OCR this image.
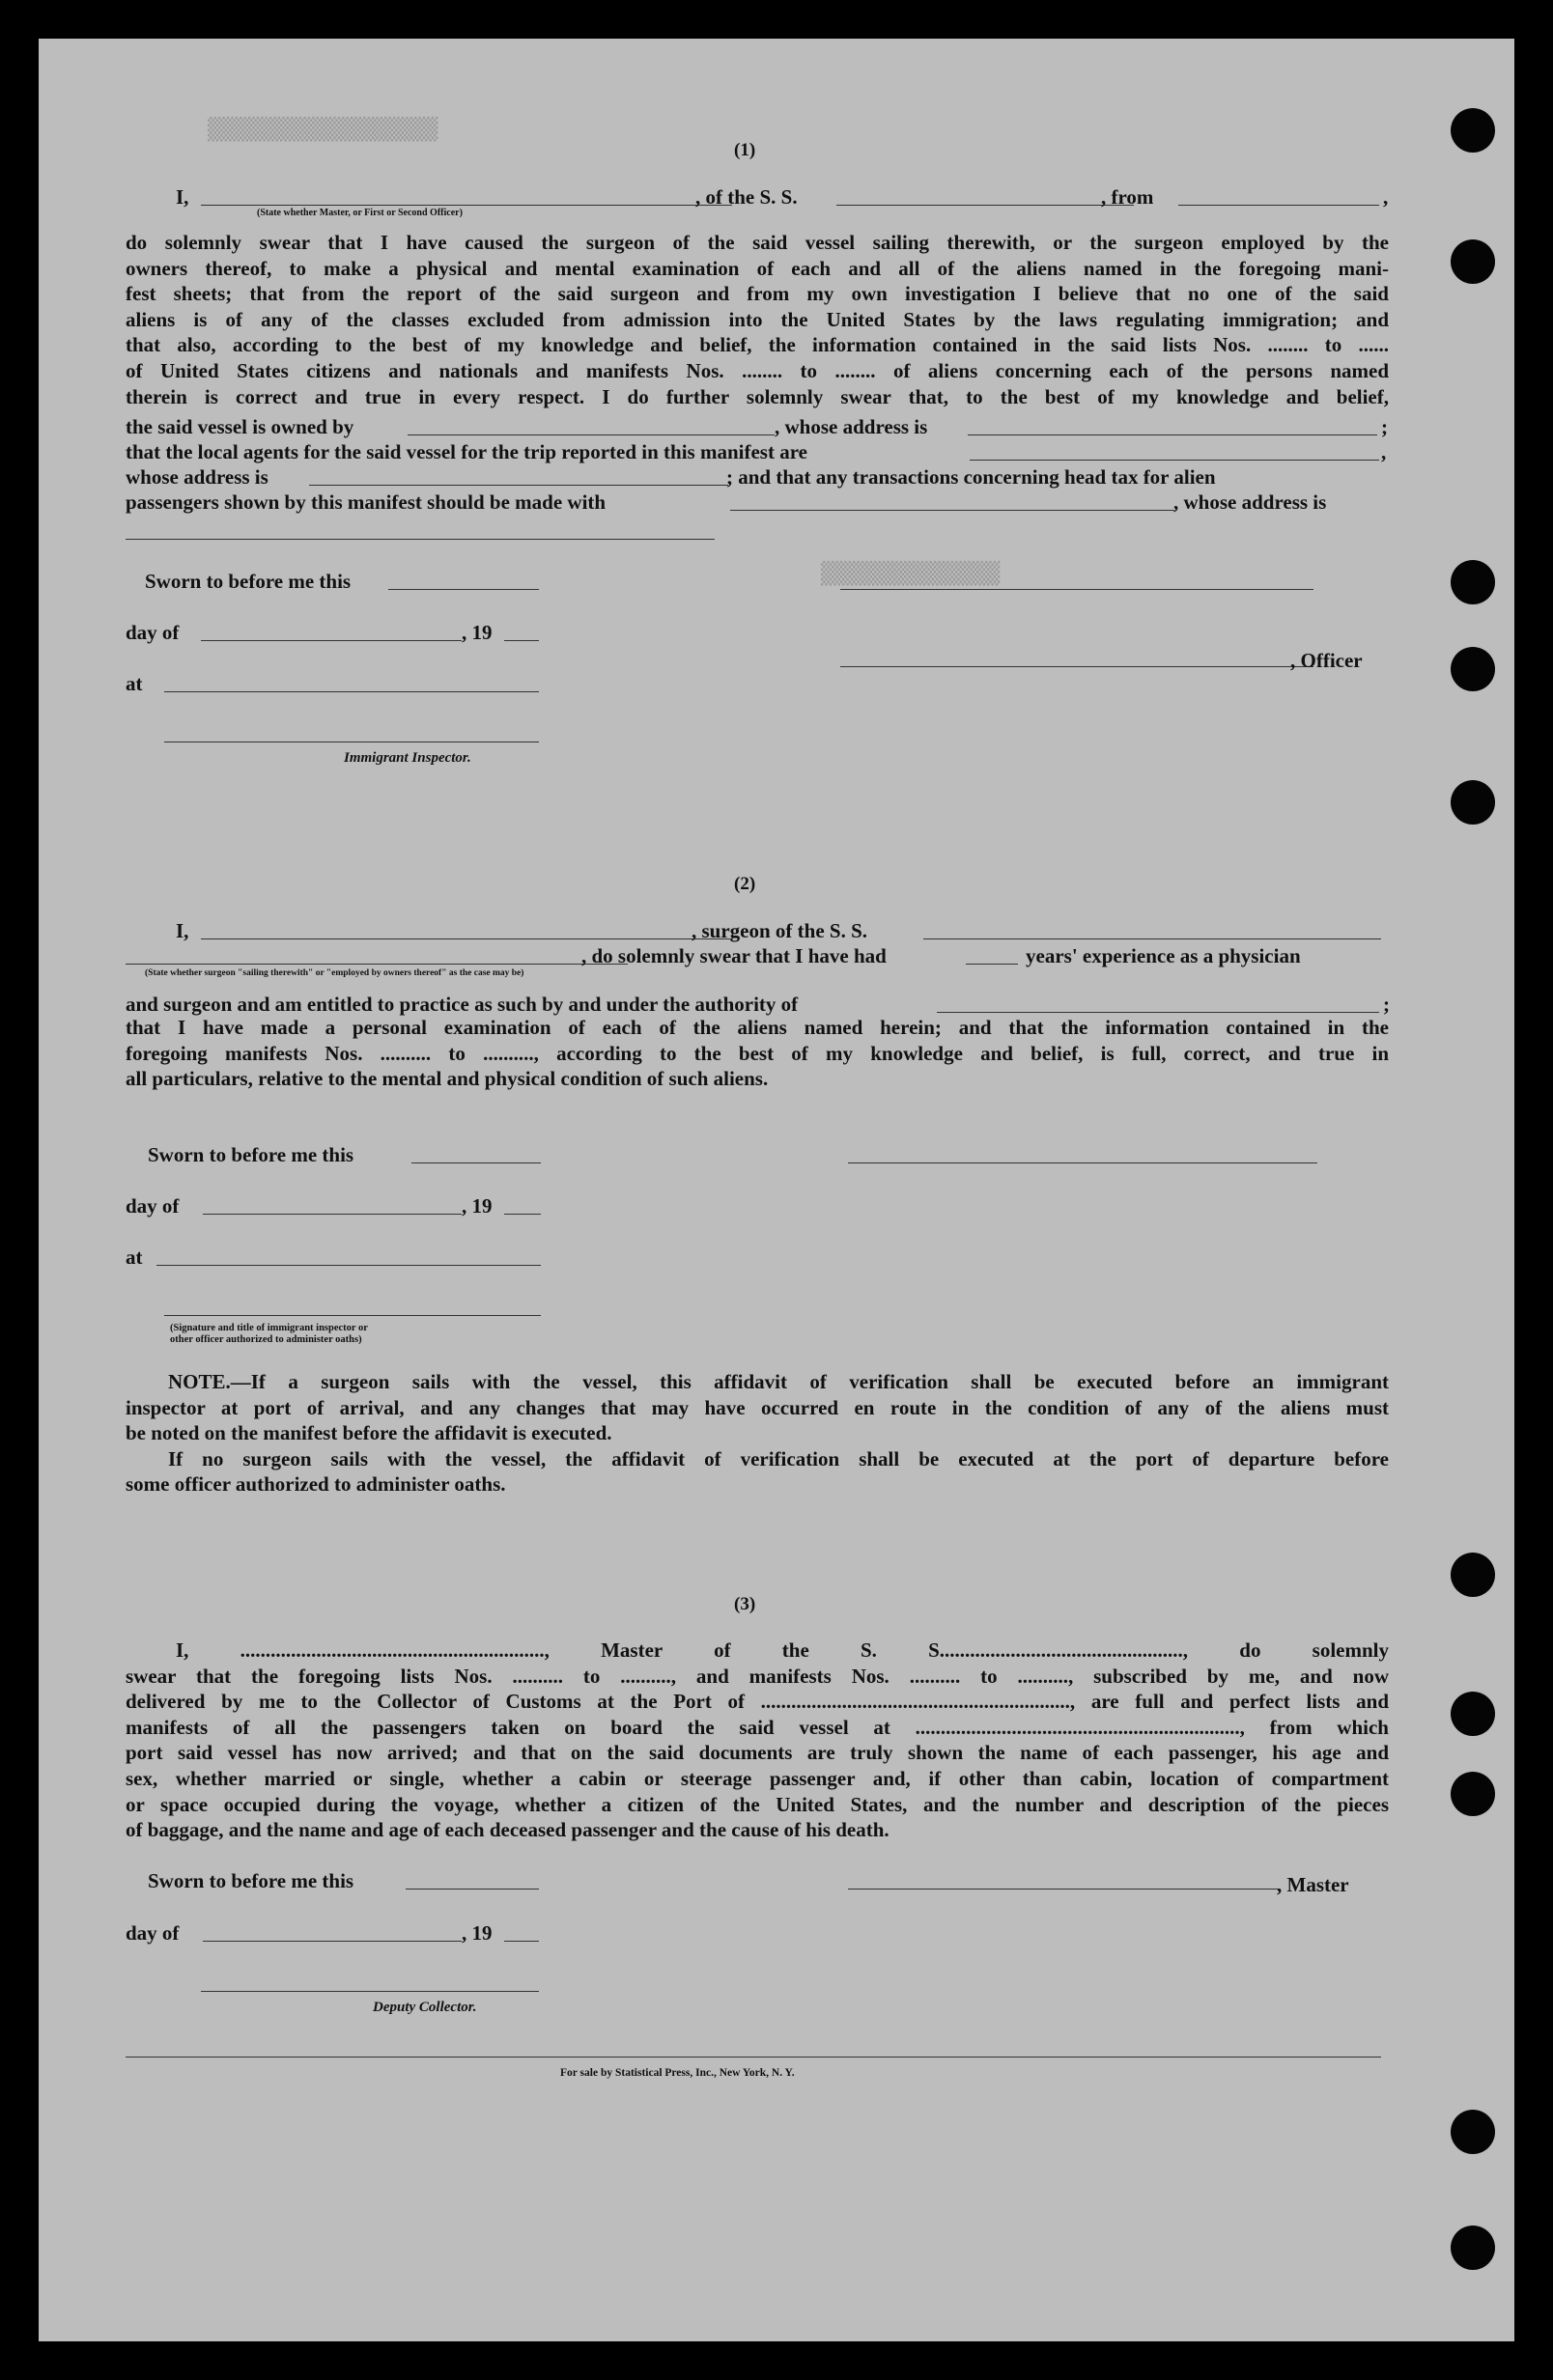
▒▒▒▒▒▒▒▒▒▒▒▒▒▒▒▒▒▒
▒▒▒▒▒▒▒▒▒▒▒▒▒▒
(1)
I,	, of the S. S.	, from	,
(State whether Master, or First or Second Officer)
do solemnly swear that I have caused the surgeon of the said vessel sailing therewith, or the surgeon employed by the
owners thereof, to make a physical and mental examination of each and all of the aliens named in the foregoing mani-
fest sheets; that from the report of the said surgeon and from my own investigation I believe that no one of the said
aliens is of any of the classes excluded from admission into the United States by the laws regulating immigration; and
that also, according to the best of my knowledge and belief, the information contained in the said lists Nos. ........ to ......
of United States citizens and nationals and manifests Nos. ........ to ........ of aliens concerning each of the persons named
therein is correct and true in every respect. I do further solemnly swear that, to the best of my knowledge and belief,
the said vessel is owned by	, whose address is	;
that the local agents for the said vessel for the trip reported in this manifest are	,
whose address is	; and that any transactions concerning head tax for alien
passengers shown by this manifest should be made with	, whose address is
Sworn to before me this
day of	, 19
at
Immigrant Inspector.
, Officer
(2)
I,	, surgeon of the S. S.
, do solemnly swear that I have had	years' experience as a physician
(State whether surgeon "sailing therewith" or "employed by owners thereof" as the case may be)
and surgeon and am entitled to practice as such by and under the authority of	;
that I have made a personal examination of each of the aliens named herein; and that the information contained in the
foregoing manifests Nos. .......... to .........., according to the best of my knowledge and belief, is full, correct, and true in
all particulars, relative to the mental and physical condition of such aliens.
Sworn to before me this
day of	, 19
at
(Signature and title of immigrant inspector or
other officer authorized to administer oaths)
NOTE.—If a surgeon sails with the vessel, this affidavit of verification shall be executed before an immigrant
inspector at port of arrival, and any changes that may have occurred en route in the condition of any of the aliens must
be noted on the manifest before the affidavit is executed.
If no surgeon sails with the vessel, the affidavit of verification shall be executed at the port of departure before
some officer authorized to administer oaths.
(3)
I, ............................................................, Master of the S. S................................................, do solemnly
swear that the foregoing lists Nos. .......... to .........., and manifests Nos. .......... to .........., subscribed by me, and now
delivered by me to the Collector of Customs at the Port of ............................................................., are full and perfect lists and
manifests of all the passengers taken on board the said vessel at ................................................................, from which
port said vessel has now arrived; and that on the said documents are truly shown the name of each passenger, his age and
sex, whether married or single, whether a cabin or steerage passenger and, if other than cabin, location of compartment
or space occupied during the voyage, whether a citizen of the United States, and the number and description of the pieces
of baggage, and the name and age of each deceased passenger and the cause of his death.
Sworn to before me this	, Master
day of	, 19
Deputy Collector.
For sale by Statistical Press, Inc., New York, N. Y.
